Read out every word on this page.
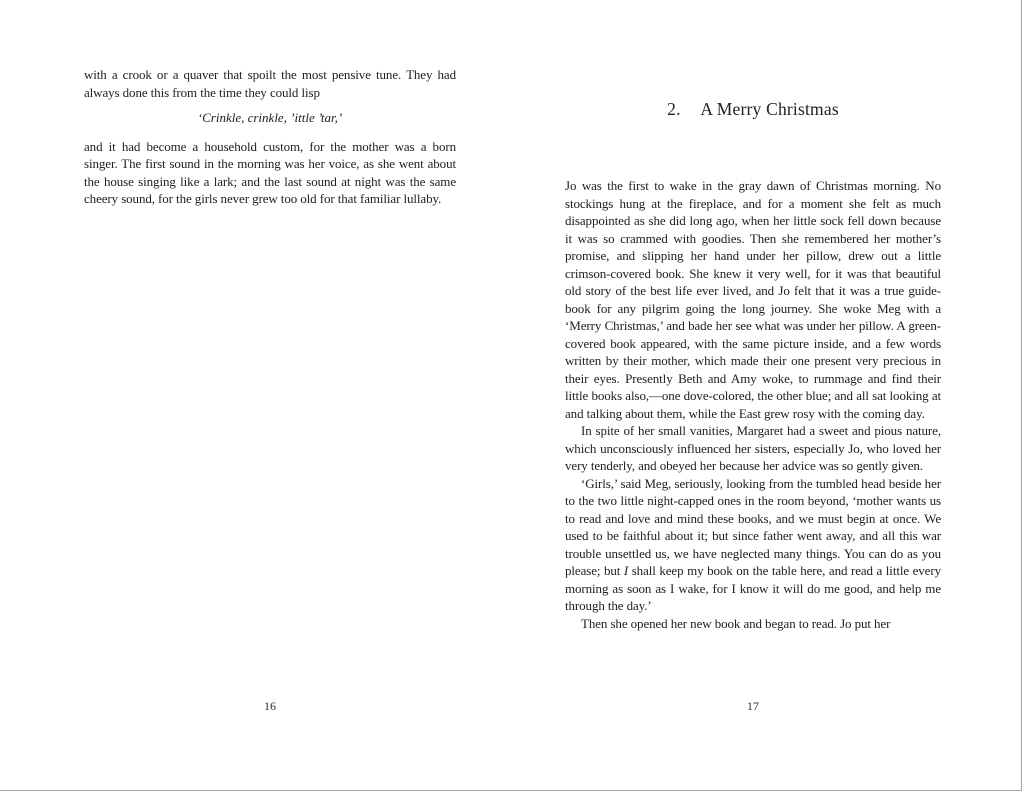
with a crook or a quaver that spoilt the most pensive tune. They had always done this from the time they could lisp
‘Crinkle, crinkle, ’ittle ’tar,’
and it had become a household custom, for the mother was a born singer. The first sound in the morning was her voice, as she went about the house singing like a lark; and the last sound at night was the same cheery sound, for the girls never grew too old for that familiar lullaby.
2. A Merry Christmas
Jo was the first to wake in the gray dawn of Christmas morning. No stockings hung at the fireplace, and for a moment she felt as much disappointed as she did long ago, when her little sock fell down because it was so crammed with goodies. Then she remembered her mother’s promise, and slipping her hand under her pillow, drew out a little crimson-covered book. She knew it very well, for it was that beautiful old story of the best life ever lived, and Jo felt that it was a true guide-book for any pilgrim going the long journey. She woke Meg with a ‘Merry Christmas,’ and bade her see what was under her pillow. A green-covered book appeared, with the same picture inside, and a few words written by their mother, which made their one present very precious in their eyes. Presently Beth and Amy woke, to rummage and find their little books also,—one dove-colored, the other blue; and all sat looking at and talking about them, while the East grew rosy with the coming day.
In spite of her small vanities, Margaret had a sweet and pious nature, which unconsciously influenced her sisters, especially Jo, who loved her very tenderly, and obeyed her because her advice was so gently given.
‘Girls,’ said Meg, seriously, looking from the tumbled head beside her to the two little night-capped ones in the room beyond, ‘mother wants us to read and love and mind these books, and we must begin at once. We used to be faithful about it; but since father went away, and all this war trouble unsettled us, we have neglected many things. You can do as you please; but I shall keep my book on the table here, and read a little every morning as soon as I wake, for I know it will do me good, and help me through the day.’
Then she opened her new book and began to read. Jo put her
16	17
